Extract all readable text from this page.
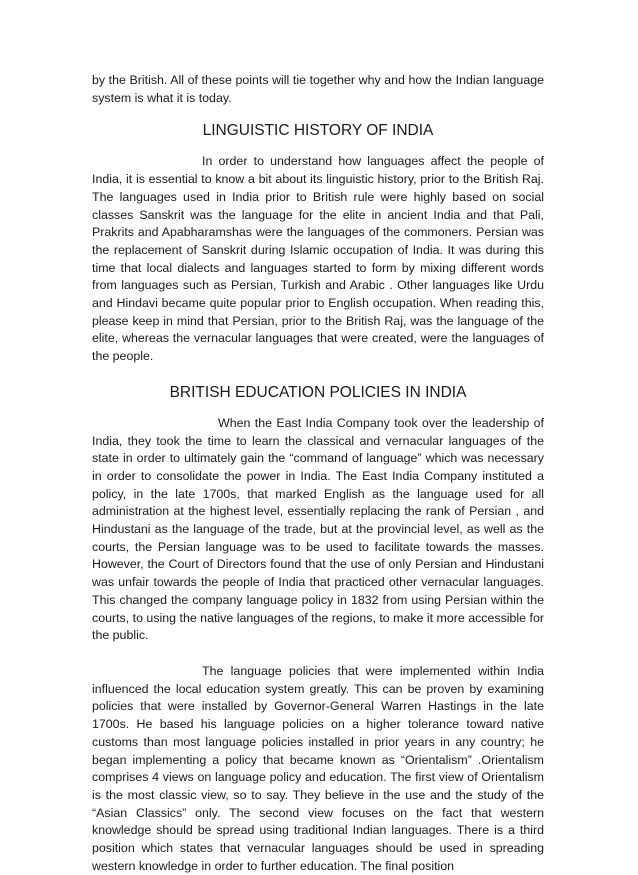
by the British. All of these points will tie together why and how the Indian language system is what it is today.

LINGUISTIC HISTORY OF INDIA

In order to understand how languages affect the people of India, it is essential to know a bit about its linguistic history, prior to the British Raj. The languages used in India prior to British rule were highly based on social classes Sanskrit was the language for the elite in ancient India and that Pali, Prakrits and Apabharamshas were the languages of the commoners. Persian was the replacement of Sanskrit during Islamic occupation of India. It was during this time that local dialects and languages started to form by mixing different words from languages such as Persian, Turkish and Arabic . Other languages like Urdu and Hindavi became quite popular prior to English occupation. When reading this, please keep in mind that Persian, prior to the British Raj, was the language of the elite, whereas the vernacular languages that were created, were the languages of the people.

BRITISH EDUCATION POLICIES IN INDIA

When the East India Company took over the leadership of India, they took the time to learn the classical and vernacular languages of the state in order to ultimately gain the “command of language” which was necessary in order to consolidate the power in India. The East India Company instituted a policy, in the late 1700s, that marked English as the language used for all administration at the highest level, essentially replacing the rank of Persian , and Hindustani as the language of the trade, but at the provincial level, as well as the courts, the Persian language was to be used to facilitate towards the masses. However, the Court of Directors found that the use of only Persian and Hindustani was unfair towards the people of India that practiced other vernacular languages. This changed the company language policy in 1832 from using Persian within the courts, to using the native languages of the regions, to make it more accessible for the public.

The language policies that were implemented within India influenced the local education system greatly. This can be proven by examining policies that were installed by Governor-General Warren Hastings in the late 1700s. He based his language policies on a higher tolerance toward native customs than most language policies installed in prior years in any country; he began implementing a policy that became known as “Orientalism” .Orientalism comprises 4 views on language policy and education. The first view of Orientalism is the most classic view, so to say. They believe in the use and the study of the “Asian Classics” only. The second view focuses on the fact that western knowledge should be spread using traditional Indian languages. There is a third position which states that vernacular languages should be used in spreading western knowledge in order to further education. The final position
